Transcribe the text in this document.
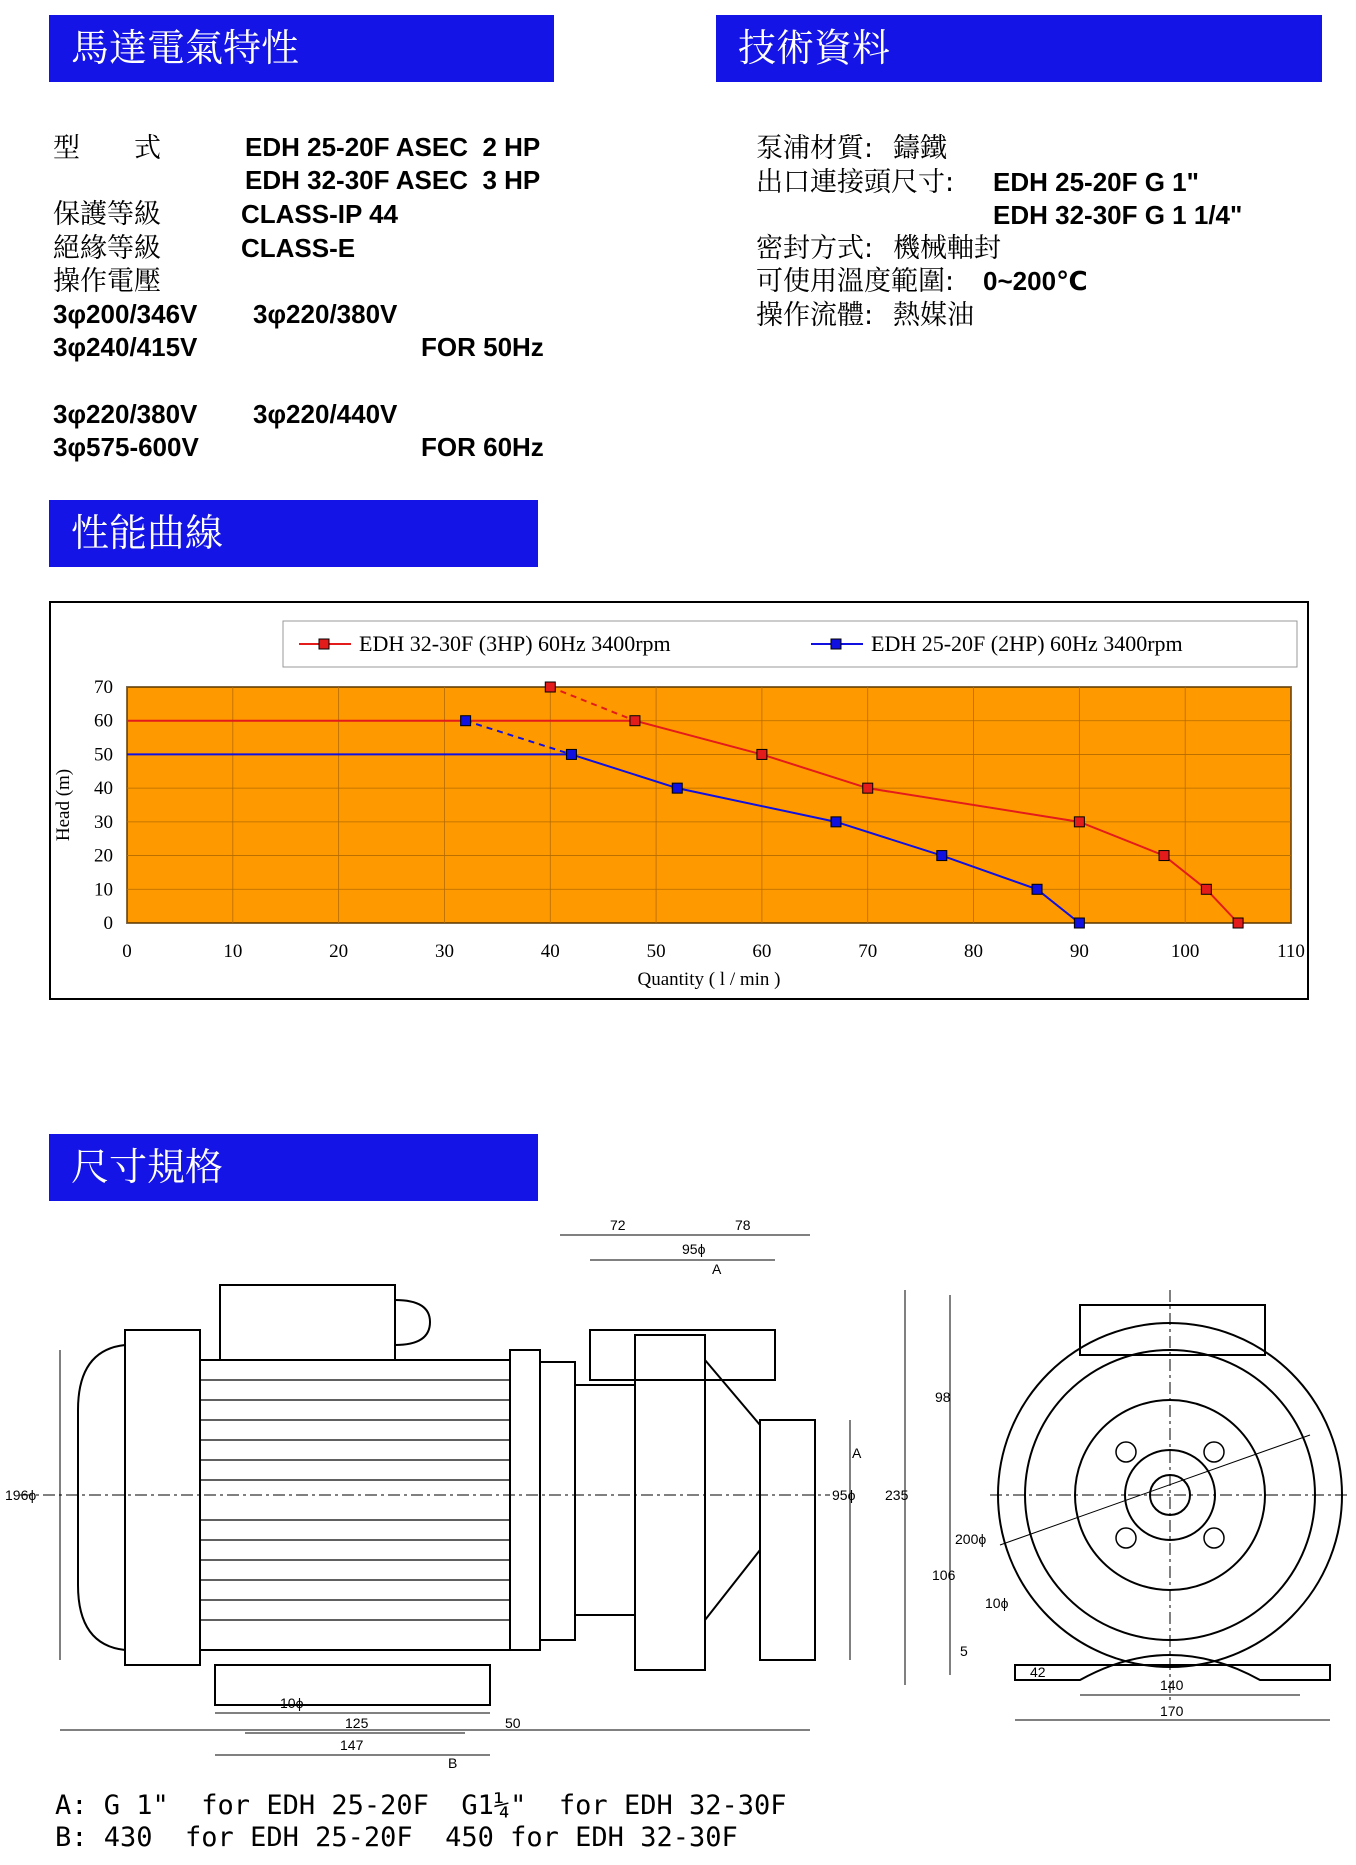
馬達電氣特性	技術資料
性能曲線
尺寸規格
型　　式	EDH 25-20F ASEC  2 HP
EDH 32-30F ASEC  3 HP
保護等級	CLASS-IP 44
絕緣等級	CLASS-E
操作電壓
3φ200/346V 3φ220/380V
3φ240/415V	FOR 50Hz
3φ220/380V 3φ220/440V
3φ575-600V	FOR 60Hz
泵浦材質: 鑄鐵
出口連接頭尺寸: EDH 25-20F G 1"
EDH 32-30F G 1 1/4"
密封方式: 機械軸封
可使用溫度範圍: 0~200℃
操作流體: 熱媒油
0	10	20	30	40	50	60	70	80	90	100	110
0
10
20
30
40
50
60
70
Quantity ( l / min )
Head (m)
EDH 32-30F (3HP) 60Hz 3400rpm	EDH 25-20F (2HP) 60Hz 3400rpm
72	78
95ϕ
A
A
196ϕ	95ϕ
10ϕ
125	50
147
B
235
98
106
200ϕ
10ϕ
5
42
140
170
A: G 1"  for EDH 25-20F  G1¼"  for EDH 32-30F
B: 430  for EDH 25-20F  450 for EDH 32-30F
